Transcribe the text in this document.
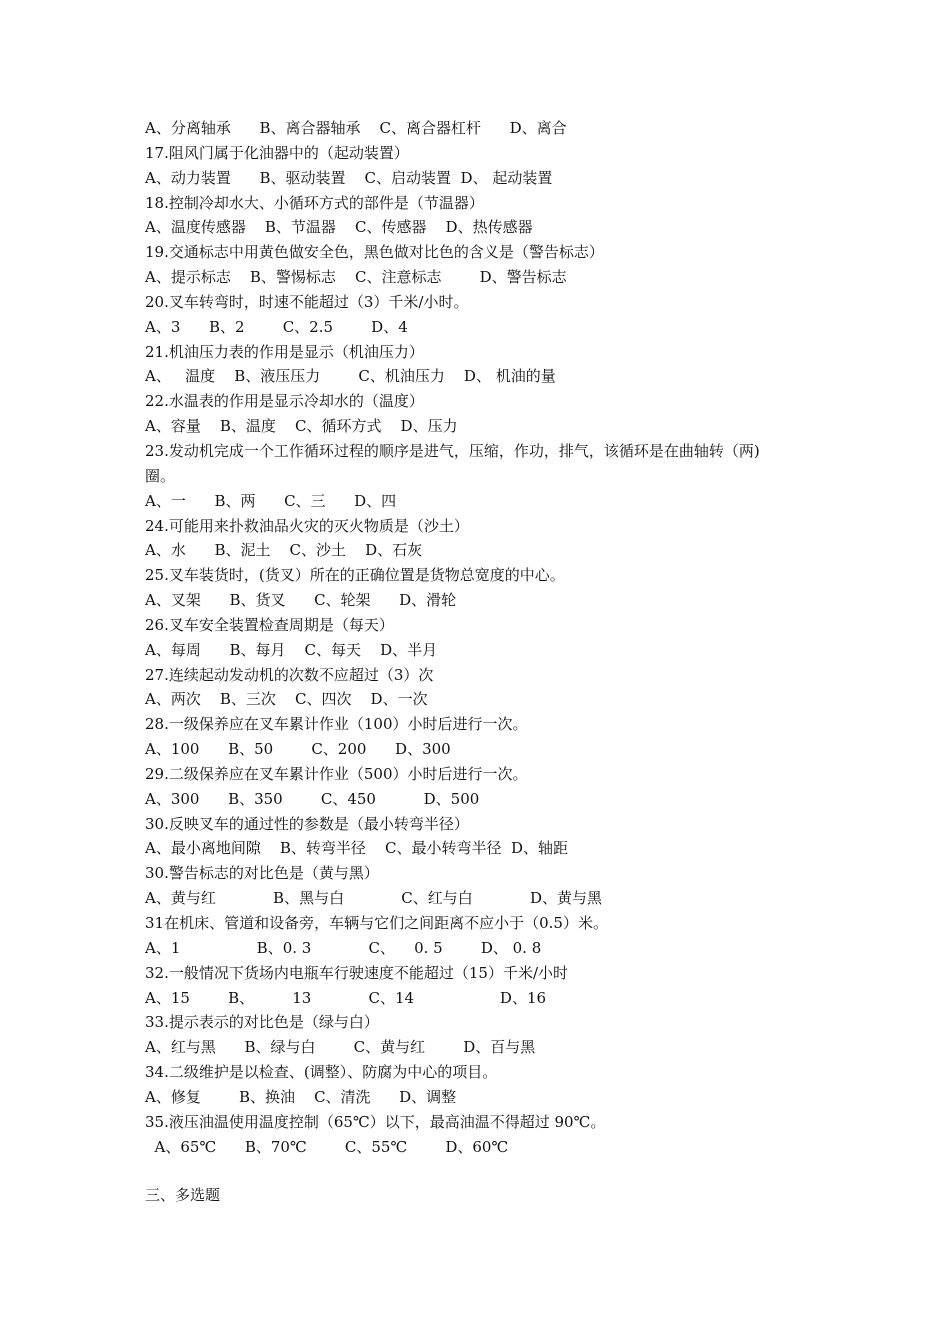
A、分离轴承      B、离合器轴承    C、离合器杠杆      D、离合
17.阻风门属于化油器中的（起动装置）
A、动力装置      B、驱动装置    C、启动装置  D、 起动装置
18.控制冷却水大、小循环方式的部件是（节温器）
A、温度传感器    B、节温器    C、传感器    D、热传感器
19.交通标志中用黄色做安全色，黑色做对比色的含义是（警告标志）
A、提示标志    B、警惕标志    C、注意标志        D、警告标志
20.叉车转弯时，时速不能超过（3）千米/小时。
A、3      B、2        C、2.5        D、4
21.机油压力表的作用是显示（机油压力）
A、   温度    B、液压压力        C、机油压力    D、 机油的量
22.水温表的作用是显示冷却水的（温度）
A、容量    B、温度    C、循环方式    D、压力
23.发动机完成一个工作循环过程的顺序是进气，压缩，作功，排气，该循环是在曲轴转（两)
圈。
A、一      B、两      C、三      D、四
24.可能用来扑救油品火灾的灭火物质是（沙土）
A、水      B、泥土    C、沙土    D、石灰
25.叉车装货时，(货叉）所在的正确位置是货物总宽度的中心。
A、叉架      B、货叉      C、轮架      D、滑轮
26.叉车安全装置检查周期是（每天）
A、每周      B、每月    C、每天    D、半月
27.连续起动发动机的次数不应超过（3）次
A、两次    B、三次    C、四次    D、一次
28.一级保养应在叉车累计作业（100）小时后进行一次。
A、100      B、50        C、200      D、300
29.二级保养应在叉车累计作业（500）小时后进行一次。
A、300      B、350        C、450          D、500
30.反映叉车的通过性的参数是（最小转弯半径）
A、最小离地间隙    B、转弯半径    C、最小转弯半径  D、轴距
30.警告标志的对比色是（黄与黑）
A、黄与红            B、黑与白            C、红与白            D、黄与黑
31在机床、管道和设备旁，车辆与它们之间距离不应小于（0.5）米。
A、1                B、0. 3            C、    0. 5        D、 0. 8
32.一般情况下货场内电瓶车行驶速度不能超过（15）千米/小时
A、15        B、        13            C、14                  D、16
33.提示表示的对比色是（绿与白）
A、红与黑      B、绿与白        C、黄与红        D、百与黑
34.二级维护是以检查、(调整）、防腐为中心的项目。
A、修复        B、换油    C、清洗      D、调整
35.液压油温使用温度控制（65℃）以下，最高油温不得超过 90℃。
A、65℃      B、70℃        C、55℃        D、60℃
三、多选题
